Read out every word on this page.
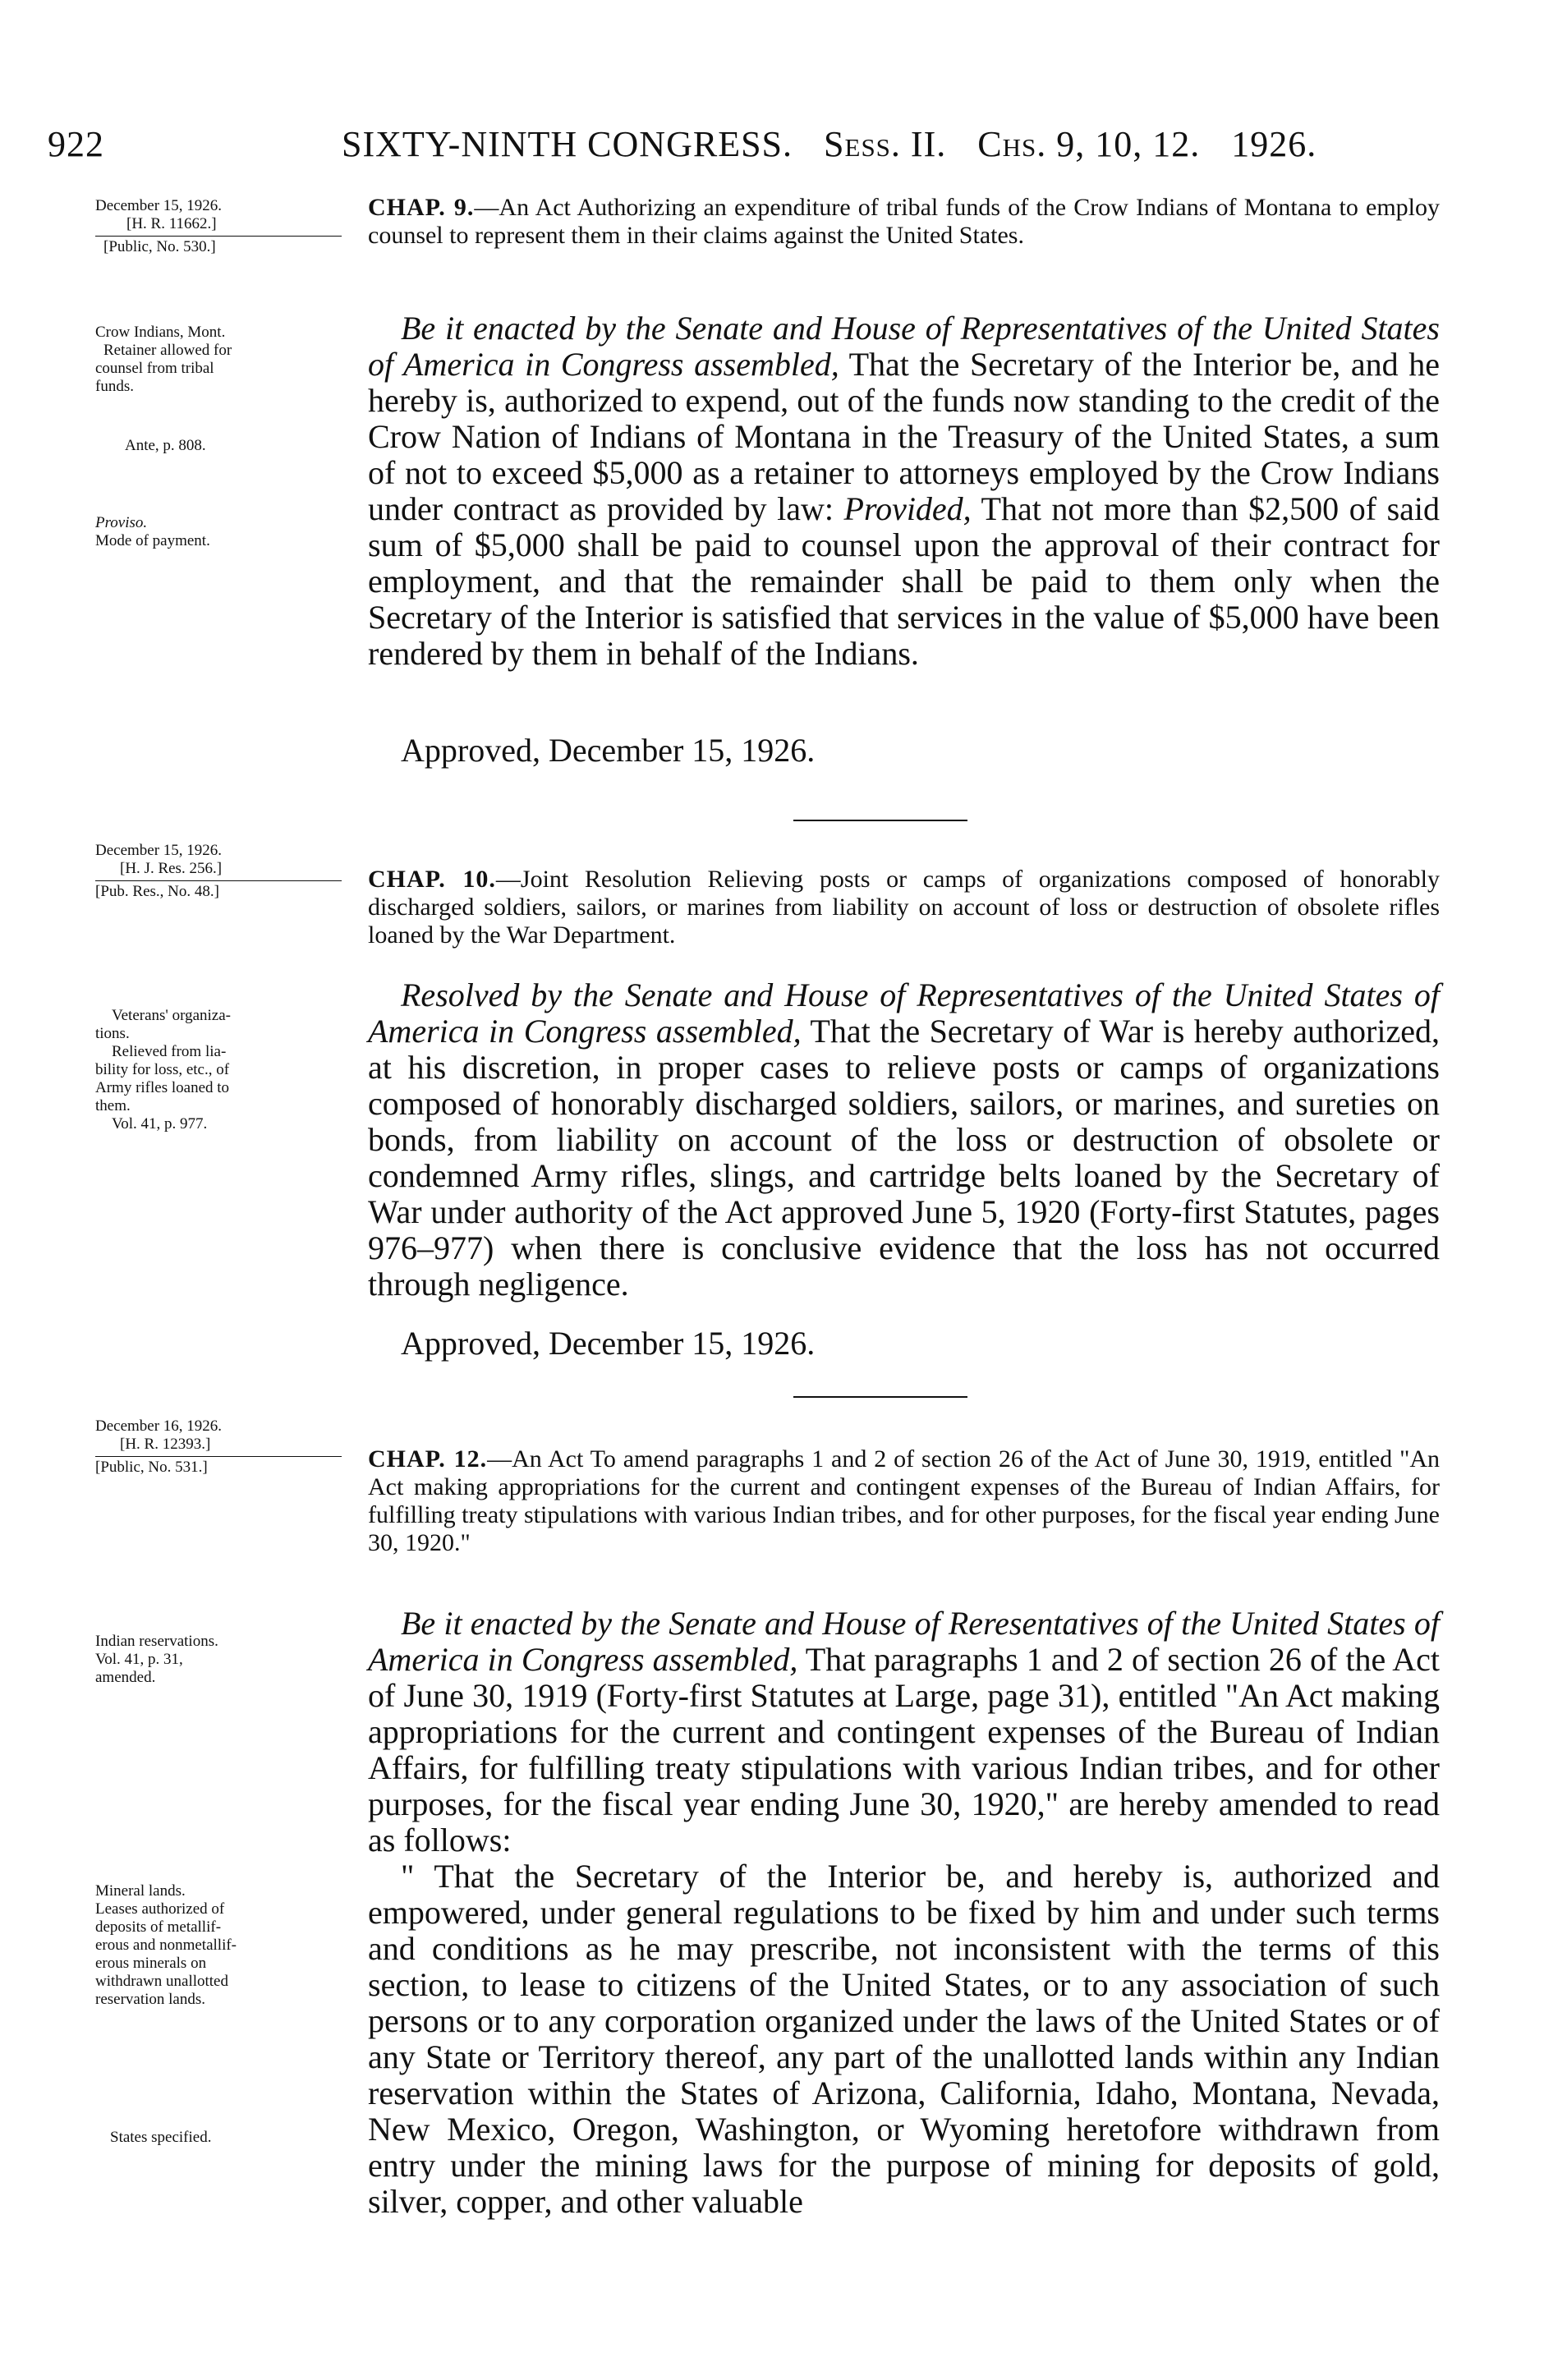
922	SIXTY-NINTH CONGRESS. Sess. II. Chs. 9, 10, 12. 1926.
December 15, 1926.
[H. R. 11662.]
[Public, No. 530.]
Crow Indians, Mont.
Retainer allowed for
counsel from tribal
funds.
Ante, p. 808.
Proviso.
Mode of payment.
CHAP. 9.—An Act Authorizing an expenditure of tribal funds of the Crow Indians of Montana to employ counsel to represent them in their claims against the United States.

Be it enacted by the Senate and House of Representatives of the United States of America in Congress assembled, That the Secretary of the Interior be, and he hereby is, authorized to expend, out of the funds now standing to the credit of the Crow Nation of Indians of Montana in the Treasury of the United States, a sum of not to exceed $5,000 as a retainer to attorneys employed by the Crow Indians under contract as provided by law: Provided, That not more than $2,500 of said sum of $5,000 shall be paid to counsel upon the approval of their contract for employment, and that the remainder shall be paid to them only when the Secretary of the Interior is satisfied that services in the value of $5,000 have been rendered by them in behalf of the Indians.

Approved, December 15, 1926.
December 15, 1926.
[H. J. Res. 256.]
[Pub. Res., No. 48.]
Veterans' organiza-
tions.
Relieved from lia-
bility for loss, etc., of
Army rifles loaned to
them.
Vol. 41, p. 977.
CHAP. 10.—Joint Resolution Relieving posts or camps of organizations composed of honorably discharged soldiers, sailors, or marines from liability on account of loss or destruction of obsolete rifles loaned by the War Department.

Resolved by the Senate and House of Representatives of the United States of America in Congress assembled, That the Secretary of War is hereby authorized, at his discretion, in proper cases to relieve posts or camps of organizations composed of honorably discharged soldiers, sailors, or marines, and sureties on bonds, from liability on account of the loss or destruction of obsolete or condemned Army rifles, slings, and cartridge belts loaned by the Secretary of War under authority of the Act approved June 5, 1920 (Forty-first Statutes, pages 976–977) when there is conclusive evidence that the loss has not occurred through negligence.

Approved, December 15, 1926.
December 16, 1926.
[H. R. 12393.]
[Public, No. 531.]
Indian reservations.
Vol. 41, p. 31,
amended.
Mineral lands.
Leases authorized of
deposits of metallif-
erous and nonmetallif-
erous minerals on
withdrawn unallotted
reservation lands.
States specified.
CHAP. 12.—An Act To amend paragraphs 1 and 2 of section 26 of the Act of June 30, 1919, entitled "An Act making appropriations for the current and contingent expenses of the Bureau of Indian Affairs, for fulfilling treaty stipulations with various Indian tribes, and for other purposes, for the fiscal year ending June 30, 1920."

Be it enacted by the Senate and House of Reresentatives of the United States of America in Congress assembled, That paragraphs 1 and 2 of section 26 of the Act of June 30, 1919 (Forty-first Statutes at Large, page 31), entitled "An Act making appropriations for the current and contingent expenses of the Bureau of Indian Affairs, for fulfilling treaty stipulations with various Indian tribes, and for other purposes, for the fiscal year ending June 30, 1920," are hereby amended to read as follows:

" That the Secretary of the Interior be, and hereby is, authorized and empowered, under general regulations to be fixed by him and under such terms and conditions as he may prescribe, not inconsistent with the terms of this section, to lease to citizens of the United States, or to any association of such persons or to any corporation organized under the laws of the United States or of any State or Territory thereof, any part of the unallotted lands within any Indian reservation within the States of Arizona, California, Idaho, Montana, Nevada, New Mexico, Oregon, Washington, or Wyoming heretofore withdrawn from entry under the mining laws for the purpose of mining for deposits of gold, silver, copper, and other valuable
